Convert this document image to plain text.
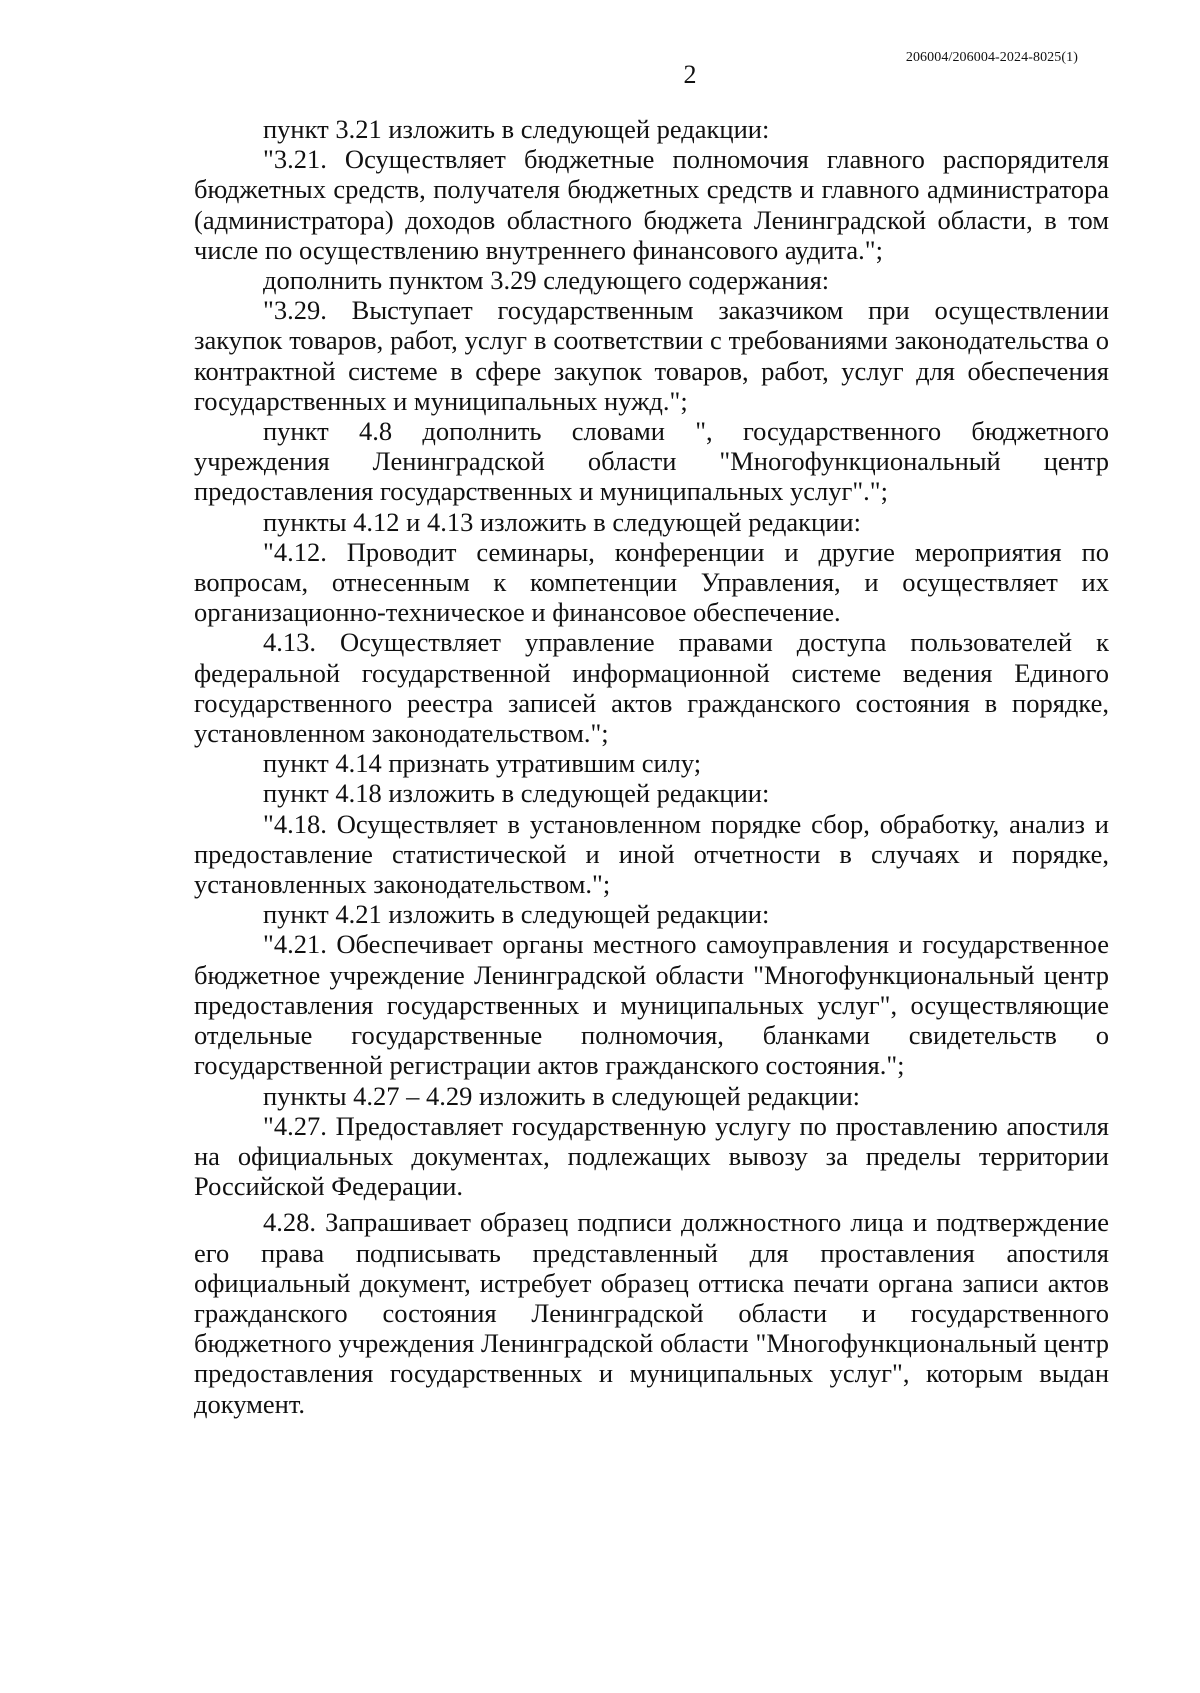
206004/206004-2024-8025(1)
2

пункт 3.21 изложить в следующей редакции:

"3.21. Осуществляет бюджетные полномочия главного распорядителя бюджетных средств, получателя бюджетных средств и главного администратора (администратора) доходов областного бюджета Ленинградской области, в том числе по осуществлению внутреннего финансового аудита.";

дополнить пунктом 3.29 следующего содержания:

"3.29. Выступает государственным заказчиком при осуществлении закупок товаров, работ, услуг в соответствии с требованиями законодательства о контрактной системе в сфере закупок товаров, работ, услуг для обеспечения государственных и муниципальных нужд.";

пункт 4.8 дополнить словами ", государственного бюджетного учреждения Ленинградской области "Многофункциональный центр предоставления государственных и муниципальных услуг".";

пункты 4.12 и 4.13 изложить в следующей редакции:

"4.12. Проводит семинары, конференции и другие мероприятия по вопросам, отнесенным к компетенции Управления, и осуществляет их организационно-техническое и финансовое обеспечение.

4.13. Осуществляет управление правами доступа пользователей к федеральной государственной информационной системе ведения Единого государственного реестра записей актов гражданского состояния в порядке, установленном законодательством.";

пункт 4.14 признать утратившим силу;

пункт 4.18 изложить в следующей редакции:

"4.18. Осуществляет в установленном порядке сбор, обработку, анализ и предоставление статистической и иной отчетности в случаях и порядке, установленных законодательством.";

пункт 4.21 изложить в следующей редакции:

"4.21. Обеспечивает органы местного самоуправления и государственное бюджетное учреждение Ленинградской области "Многофункциональный центр предоставления государственных и муниципальных услуг", осуществляющие отдельные государственные полномочия, бланками свидетельств о государственной регистрации актов гражданского состояния.";

пункты 4.27 – 4.29 изложить в следующей редакции:

"4.27. Предоставляет государственную услугу по проставлению апостиля на официальных документах, подлежащих вывозу за пределы территории Российской Федерации.

4.28. Запрашивает образец подписи должностного лица и подтверждение его права подписывать представленный для проставления апостиля официальный документ, истребует образец оттиска печати органа записи актов гражданского состояния Ленинградской области и государственного бюджетного учреждения Ленинградской области "Многофункциональный центр предоставления государственных и муниципальных услуг", которым выдан документ.
